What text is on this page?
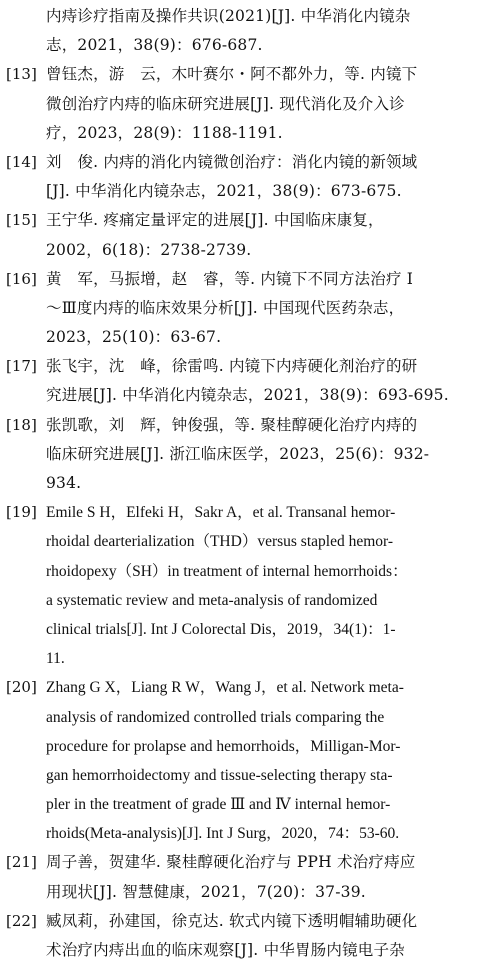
内痔诊疗指南及操作共识(2021)[J]. 中华消化内镜杂
志，2021，38(9)：676-687.
[13] 曾钰杰，游　云，木叶赛尔・阿不都外力，等. 内镜下
微创治疗内痔的临床研究进展[J]. 现代消化及介入诊
疗，2023，28(9)：1188-1191.
[14] 刘　俊. 内痔的消化内镜微创治疗：消化内镜的新领域
[J]. 中华消化内镜杂志，2021，38(9)：673-675.
[15] 王宁华. 疼痛定量评定的进展[J]. 中国临床康复，
2002，6(18)：2738-2739.
[16] 黄　军，马振增，赵　睿，等. 内镜下不同方法治疗 Ⅰ
～Ⅲ度内痔的临床效果分析[J]. 中国现代医药杂志，
2023，25(10)：63-67.
[17] 张飞宇，沈　峰，徐雷鸣. 内镜下内痔硬化剂治疗的研
究进展[J]. 中华消化内镜杂志，2021，38(9)：693-695.
[18] 张凯歌，刘　辉，钟俊强，等. 聚桂醇硬化治疗内痔的
临床研究进展[J]. 浙江临床医学，2023，25(6)：932-
934.
[19] Emile S H，Elfeki H，Sakr A，et al. Transanal hemor-
rhoidal dearterialization（THD）versus stapled hemor-
rhoidopexy（SH）in treatment of internal hemorrhoids：
a systematic review and meta-analysis of randomized
clinical trials[J]. Int J Colorectal Dis，2019，34(1)：1-
11.
[20] Zhang G X，Liang R W，Wang J，et al. Network meta-
analysis of randomized controlled trials comparing the
procedure for prolapse and hemorrhoids，Milligan-Mor-
gan hemorrhoidectomy and tissue-selecting therapy sta-
pler in the treatment of grade Ⅲ and Ⅳ internal hemor-
rhoids(Meta-analysis)[J]. Int J Surg，2020，74：53-60.
[21] 周子善，贺建华. 聚桂醇硬化治疗与 PPH 术治疗痔应
用现状[J]. 智慧健康，2021，7(20)：37-39.
[22] 臧凤莉，孙建国，徐克达. 软式内镜下透明帽辅助硬化
术治疗内痔出血的临床观察[J]. 中华胃肠内镜电子杂
